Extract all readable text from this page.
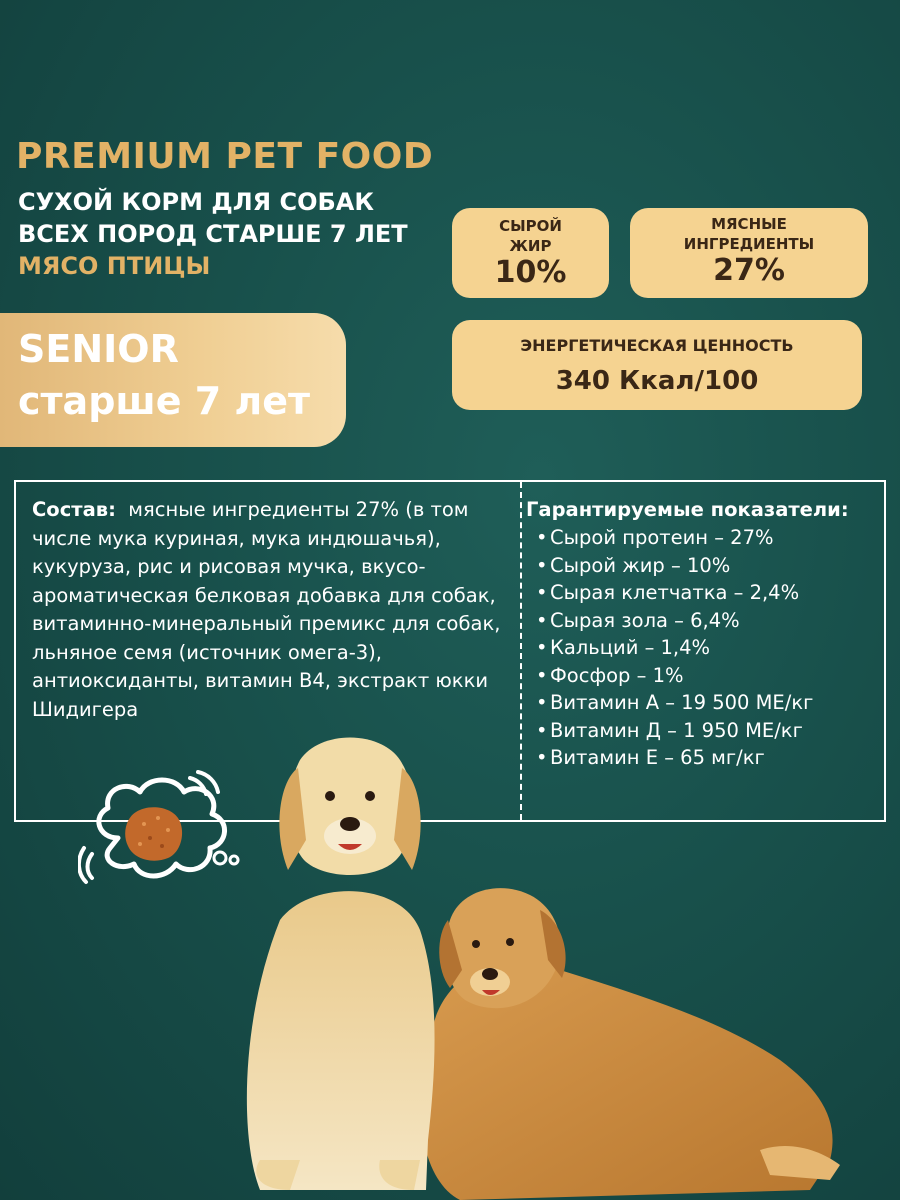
PREMIUM PET FOOD
СУХОЙ КОРМ ДЛЯ СОБАК
ВСЕХ ПОРОД СТАРШЕ 7 ЛЕТ
МЯСО ПТИЦЫ
SENIOR
старше 7 лет
СЫРОЙ
ЖИР
10%
МЯСНЫЕ
ИНГРЕДИЕНТЫ
27%
ЭНЕРГЕТИЧЕСКАЯ ЦЕННОСТЬ
340 Ккал/100
Состав: мясные ингредиенты 27% (в том числе мука куриная, мука индюшачья), кукуруза, рис и рисовая мучка, вкусо-ароматическая белковая добавка для собак, витаминно-минеральный премикс для собак, льняное семя (источник омега-3), антиоксиданты, витамин В4, экстракт юкки Шидигера
Гарантируемые показатели:
• Сырой протеин – 27%
• Сырой жир – 10%
• Сырая клетчатка – 2,4%
• Сырая зола – 6,4%
• Кальций – 1,4%
• Фосфор – 1%
• Витамин А – 19 500 МЕ/кг
• Витамин Д – 1 950 МЕ/кг
• Витамин Е – 65 мг/кг
